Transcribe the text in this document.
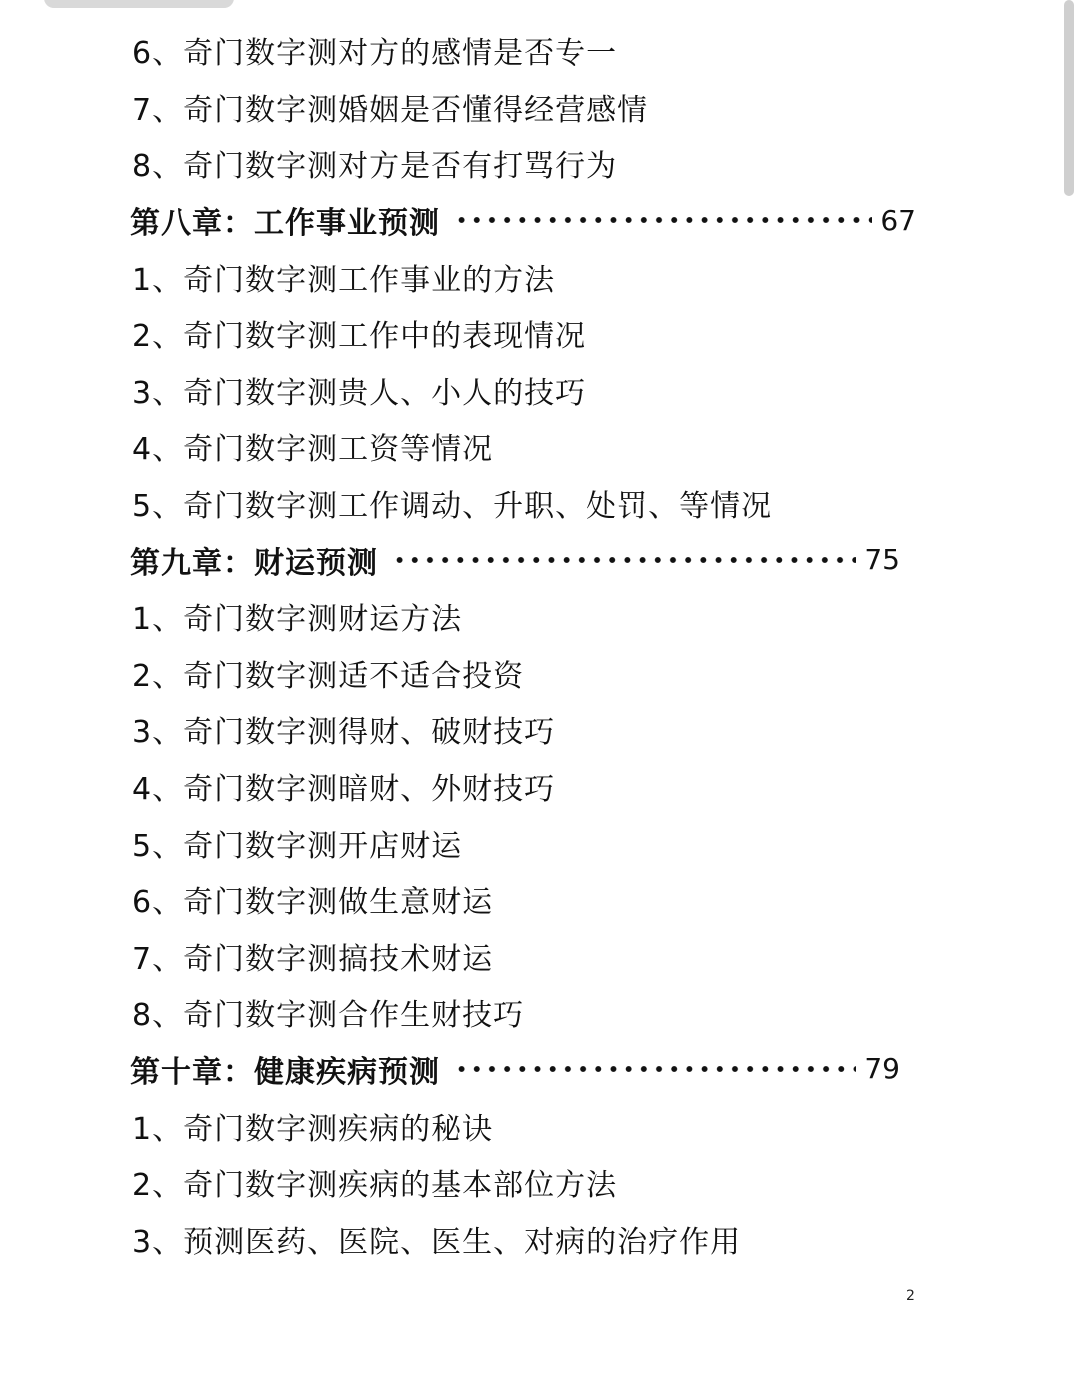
6、奇门数字测对方的感情是否专一
7、奇门数字测婚姻是否懂得经营感情
8、奇门数字测对方是否有打骂行为
第八章：工作事业预测	67
1、奇门数字测工作事业的方法
2、奇门数字测工作中的表现情况
3、奇门数字测贵人、小人的技巧
4、奇门数字测工资等情况
5、奇门数字测工作调动、升职、处罚、等情况
第九章：财运预测	75
1、奇门数字测财运方法
2、奇门数字测适不适合投资
3、奇门数字测得财、破财技巧
4、奇门数字测暗财、外财技巧
5、奇门数字测开店财运
6、奇门数字测做生意财运
7、奇门数字测搞技术财运
8、奇门数字测合作生财技巧
第十章：健康疾病预测	79
1、奇门数字测疾病的秘诀
2、奇门数字测疾病的基本部位方法
3、预测医药、医院、医生、对病的治疗作用
2
